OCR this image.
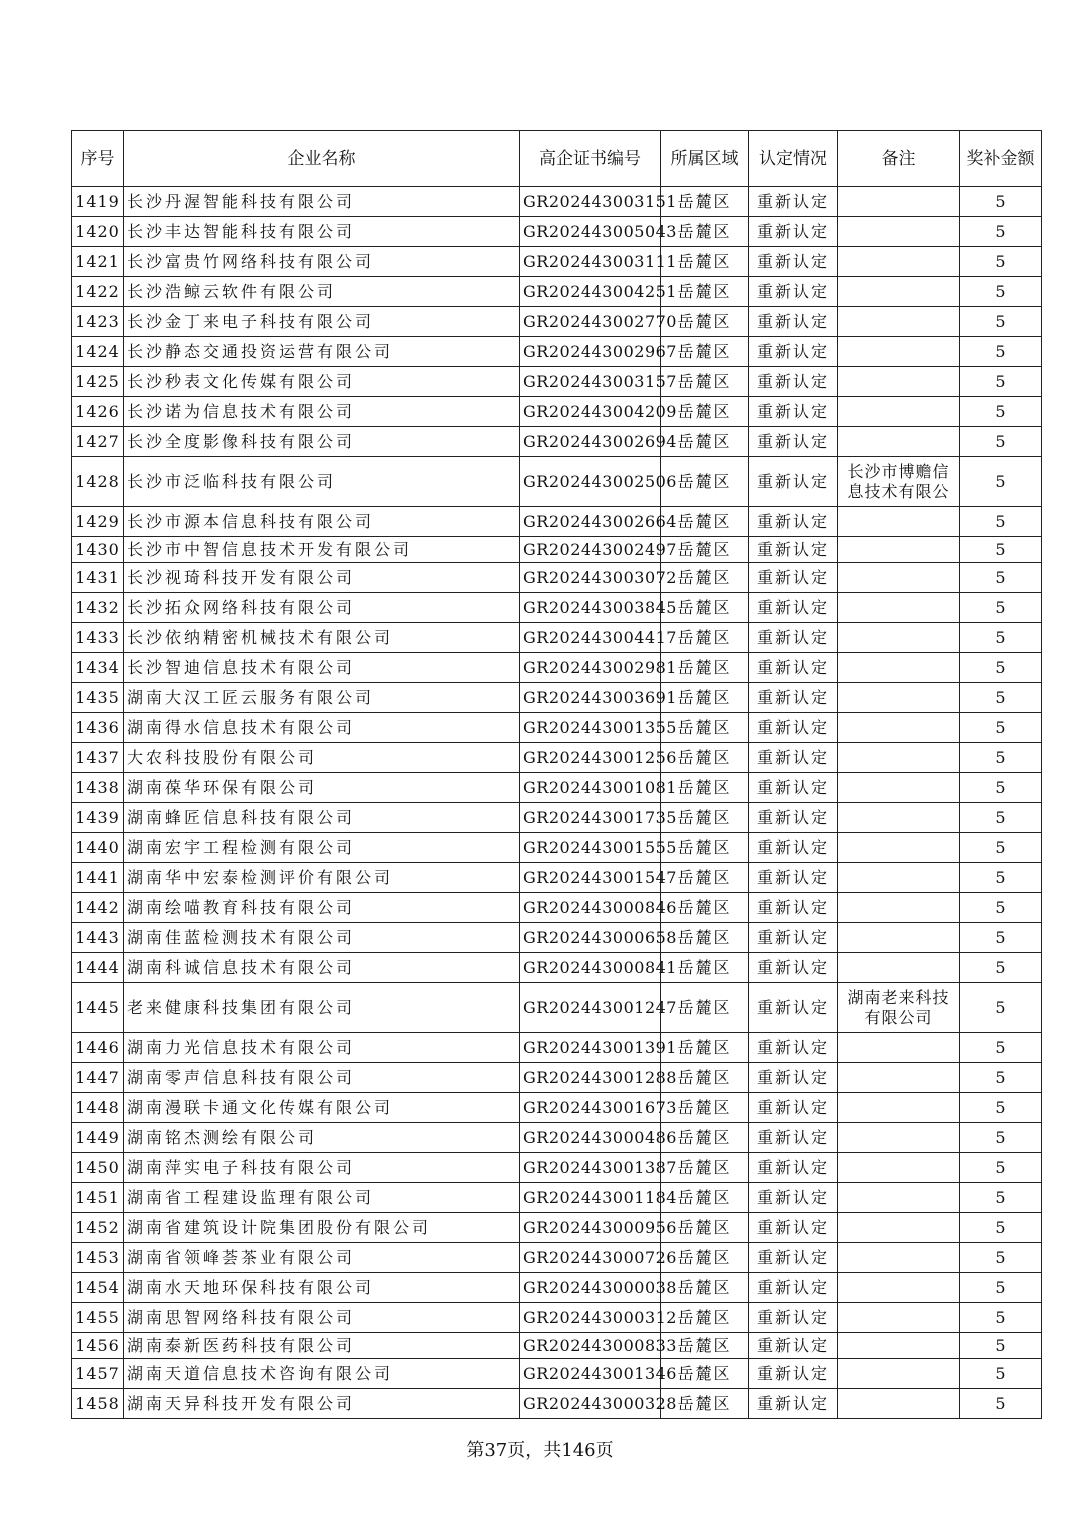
序号	企业名称	高企证书编号	所属区域	认定情况	备注	奖补金额
1419	长沙丹渥智能科技有限公司	GR202443003151	岳麓区	重新认定		5
1420	长沙丰达智能科技有限公司	GR202443005043	岳麓区	重新认定		5
1421	长沙富贵竹网络科技有限公司	GR202443003111	岳麓区	重新认定		5
1422	长沙浩鲸云软件有限公司	GR202443004251	岳麓区	重新认定		5
1423	长沙金丁来电子科技有限公司	GR202443002770	岳麓区	重新认定		5
1424	长沙静态交通投资运营有限公司	GR202443002967	岳麓区	重新认定		5
1425	长沙秒表文化传媒有限公司	GR202443003157	岳麓区	重新认定		5
1426	长沙诺为信息技术有限公司	GR202443004209	岳麓区	重新认定		5
1427	长沙全度影像科技有限公司	GR202443002694	岳麓区	重新认定		5
1428	长沙市泛临科技有限公司	GR202443002506	岳麓区	重新认定	长沙市博赡信息技术有限公	5
1429	长沙市源本信息科技有限公司	GR202443002664	岳麓区	重新认定		5
1430	长沙市中智信息技术开发有限公司	GR202443002497	岳麓区	重新认定		5
1431	长沙视琦科技开发有限公司	GR202443003072	岳麓区	重新认定		5
1432	长沙拓众网络科技有限公司	GR202443003845	岳麓区	重新认定		5
1433	长沙依纳精密机械技术有限公司	GR202443004417	岳麓区	重新认定		5
1434	长沙智迪信息技术有限公司	GR202443002981	岳麓区	重新认定		5
1435	湖南大汉工匠云服务有限公司	GR202443003691	岳麓区	重新认定		5
1436	湖南得水信息技术有限公司	GR202443001355	岳麓区	重新认定		5
1437	大农科技股份有限公司	GR202443001256	岳麓区	重新认定		5
1438	湖南葆华环保有限公司	GR202443001081	岳麓区	重新认定		5
1439	湖南蜂匠信息科技有限公司	GR202443001735	岳麓区	重新认定		5
1440	湖南宏宇工程检测有限公司	GR202443001555	岳麓区	重新认定		5
1441	湖南华中宏泰检测评价有限公司	GR202443001547	岳麓区	重新认定		5
1442	湖南绘喵教育科技有限公司	GR202443000846	岳麓区	重新认定		5
1443	湖南佳蓝检测技术有限公司	GR202443000658	岳麓区	重新认定		5
1444	湖南科诚信息技术有限公司	GR202443000841	岳麓区	重新认定		5
1445	老来健康科技集团有限公司	GR202443001247	岳麓区	重新认定	湖南老来科技有限公司	5
1446	湖南力光信息技术有限公司	GR202443001391	岳麓区	重新认定		5
1447	湖南零声信息科技有限公司	GR202443001288	岳麓区	重新认定		5
1448	湖南漫联卡通文化传媒有限公司	GR202443001673	岳麓区	重新认定		5
1449	湖南铭杰测绘有限公司	GR202443000486	岳麓区	重新认定		5
1450	湖南萍实电子科技有限公司	GR202443001387	岳麓区	重新认定		5
1451	湖南省工程建设监理有限公司	GR202443001184	岳麓区	重新认定		5
1452	湖南省建筑设计院集团股份有限公司	GR202443000956	岳麓区	重新认定		5
1453	湖南省领峰荟茶业有限公司	GR202443000726	岳麓区	重新认定		5
1454	湖南水天地环保科技有限公司	GR202443000038	岳麓区	重新认定		5
1455	湖南思智网络科技有限公司	GR202443000312	岳麓区	重新认定		5
1456	湖南泰新医药科技有限公司	GR202443000833	岳麓区	重新认定		5
1457	湖南天道信息技术咨询有限公司	GR202443001346	岳麓区	重新认定		5
1458	湖南天异科技开发有限公司	GR202443000328	岳麓区	重新认定		5
第37页，共146页
